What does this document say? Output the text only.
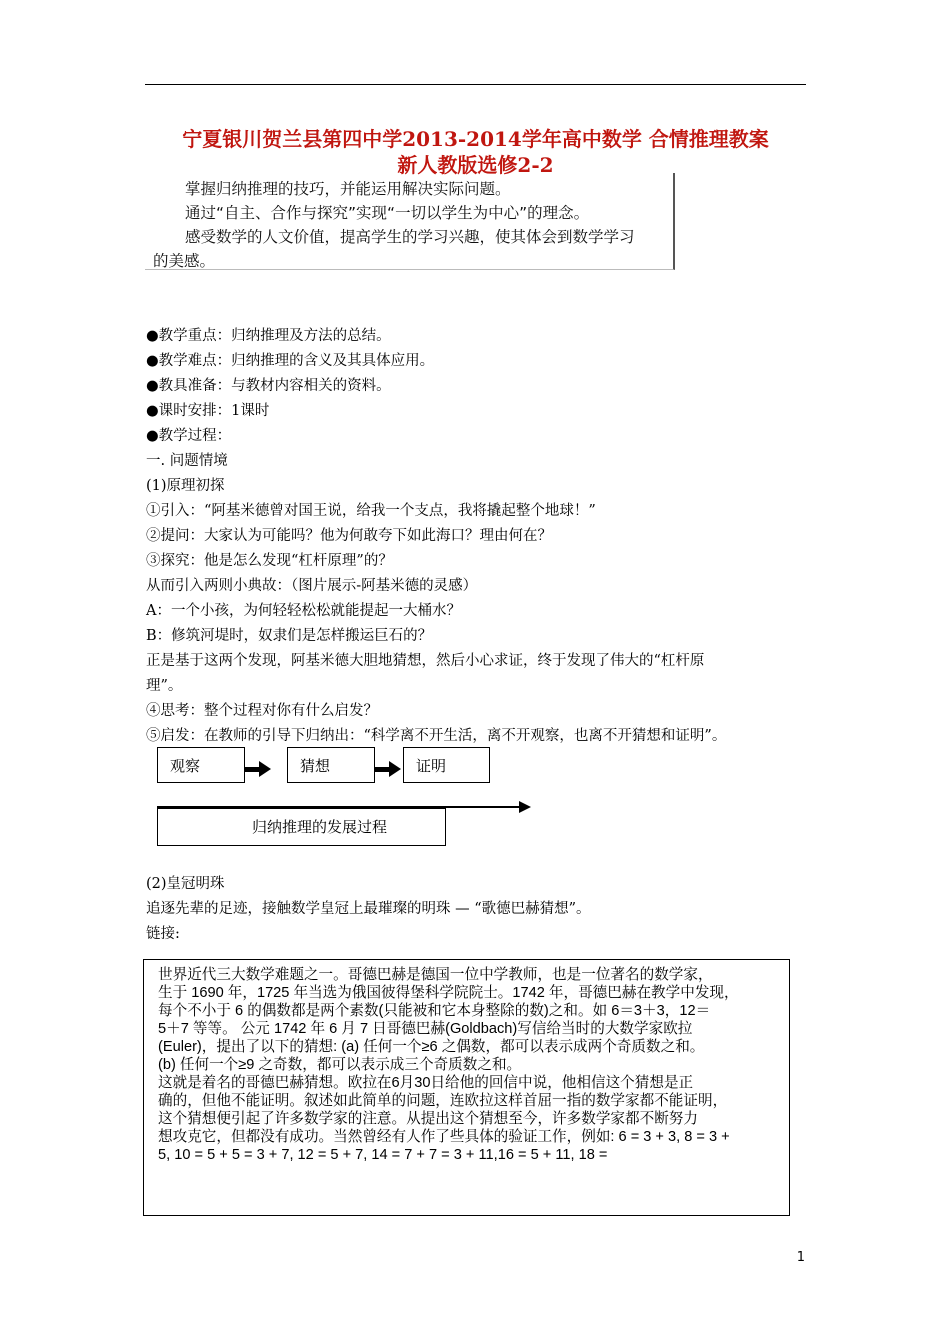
宁夏银川贺兰县第四中学2013-2014学年高中数学 合情推理教案
新人教版选修2-2
掌握归纳推理的技巧，并能运用解决实际问题。
通过“自主、合作与探究”实现“一切以学生为中心”的理念。
感受数学的人文价值，提高学生的学习兴趣，使其体会到数学学习
的美感。
●教学重点：归纳推理及方法的总结。
●教学难点：归纳推理的含义及其具体应用。
●教具准备：与教材内容相关的资料。
●课时安排：1课时
●教学过程：
一. 问题情境
(1)原理初探
①引入：“阿基米德曾对国王说，给我一个支点，我将撬起整个地球！”
②提问：大家认为可能吗？他为何敢夸下如此海口？理由何在？
③探究：他是怎么发现“杠杆原理”的？
从而引入两则小典故：（图片展示-阿基米德的灵感）
A：一个小孩，为何轻轻松松就能提起一大桶水？
B：修筑河堤时，奴隶们是怎样搬运巨石的？
正是基于这两个发现，阿基米德大胆地猜想，然后小心求证，终于发现了伟大的“杠杆原
理”。
④思考：整个过程对你有什么启发？
⑤启发：在教师的引导下归纳出：“科学离不开生活，离不开观察，也离不开猜想和证明”。
观察	猜想	证明
归纳推理的发展过程
(2)皇冠明珠
追逐先辈的足迹，接触数学皇冠上最璀璨的明珠 — “歌德巴赫猜想”。
链接:
世界近代三大数学难题之一。哥德巴赫是德国一位中学教师，也是一位著名的数学家，
生于 1690 年，1725 年当选为俄国彼得堡科学院院士。1742 年，哥德巴赫在教学中发现，
每个不小于 6 的偶数都是两个素数(只能被和它本身整除的数)之和。如 6＝3＋3，12＝
5＋7 等等。 公元 1742 年 6 月 7 日哥德巴赫(Goldbach)写信给当时的大数学家欧拉
(Euler)，提出了以下的猜想: (a) 任何一个≥6 之偶数，都可以表示成两个奇质数之和。
(b) 任何一个≥9 之奇数，都可以表示成三个奇质数之和。
这就是着名的哥德巴赫猜想。欧拉在6月30日给他的回信中说，他相信这个猜想是正
确的，但他不能证明。叙述如此简单的问题，连欧拉这样首屈一指的数学家都不能证明，
这个猜想便引起了许多数学家的注意。从提出这个猜想至今，许多数学家都不断努力
想攻克它，但都没有成功。当然曾经有人作了些具体的验证工作，例如: 6 = 3 + 3, 8 = 3 +
5, 10 = 5 + 5 = 3 + 7, 12 = 5 + 7, 14 = 7 + 7 = 3 + 11,16 = 5 + 11, 18 =
1
